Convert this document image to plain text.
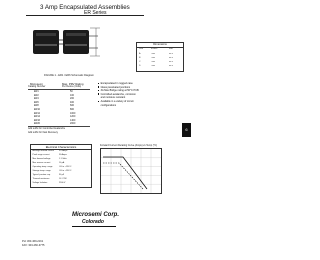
3 Amp Encapsulated Assemblies
ER Series
Dimensions
DIM	Inches	MM
A	.xxx	xx.x
B	.xxx	xx.x
C	.xxx	xx.x
D	.xxx	xx.x
FIGURE 1 - ER1 / ER6 Schematic Diagram
Microsemi	Max. PRV Rating
Catalog Number	Per Device (Volts)
ER1	50
ER2	100
ER4	200
ER6	400
ER8	600
ER10	800
ER12	1000
ER14	1200
ER16	1400
ER20	2000
Add suffix for Controlled Avalanche
Add suffix for Fast Recovery
Encapsulated in rugged case
Glass passivated junctions
3A Max Bridge rating at 50°C PCB
Controlled avalanche, corrosion
and moisture resistant
Available in a variety of circuit
configurations
6
Electrical Characteristics
Average forward current	3.0 Amps
Peak surge current	50 Amps
Max forward voltage	1.1 Volts
Max reverse current	10 µA
Operating temp. range	-55 to +150°C
Storage temp. range	-55 to +150°C
Typical junction cap.	30 pF
Thermal resistance	10 °C/W
Voltage Isolation	2500 V
Forward Current Derating Curve (Amps) vs Temp (°C)
Microsemi Corp.
Colorado
PH: 303-469-2161
FAX: 303-466-3775
